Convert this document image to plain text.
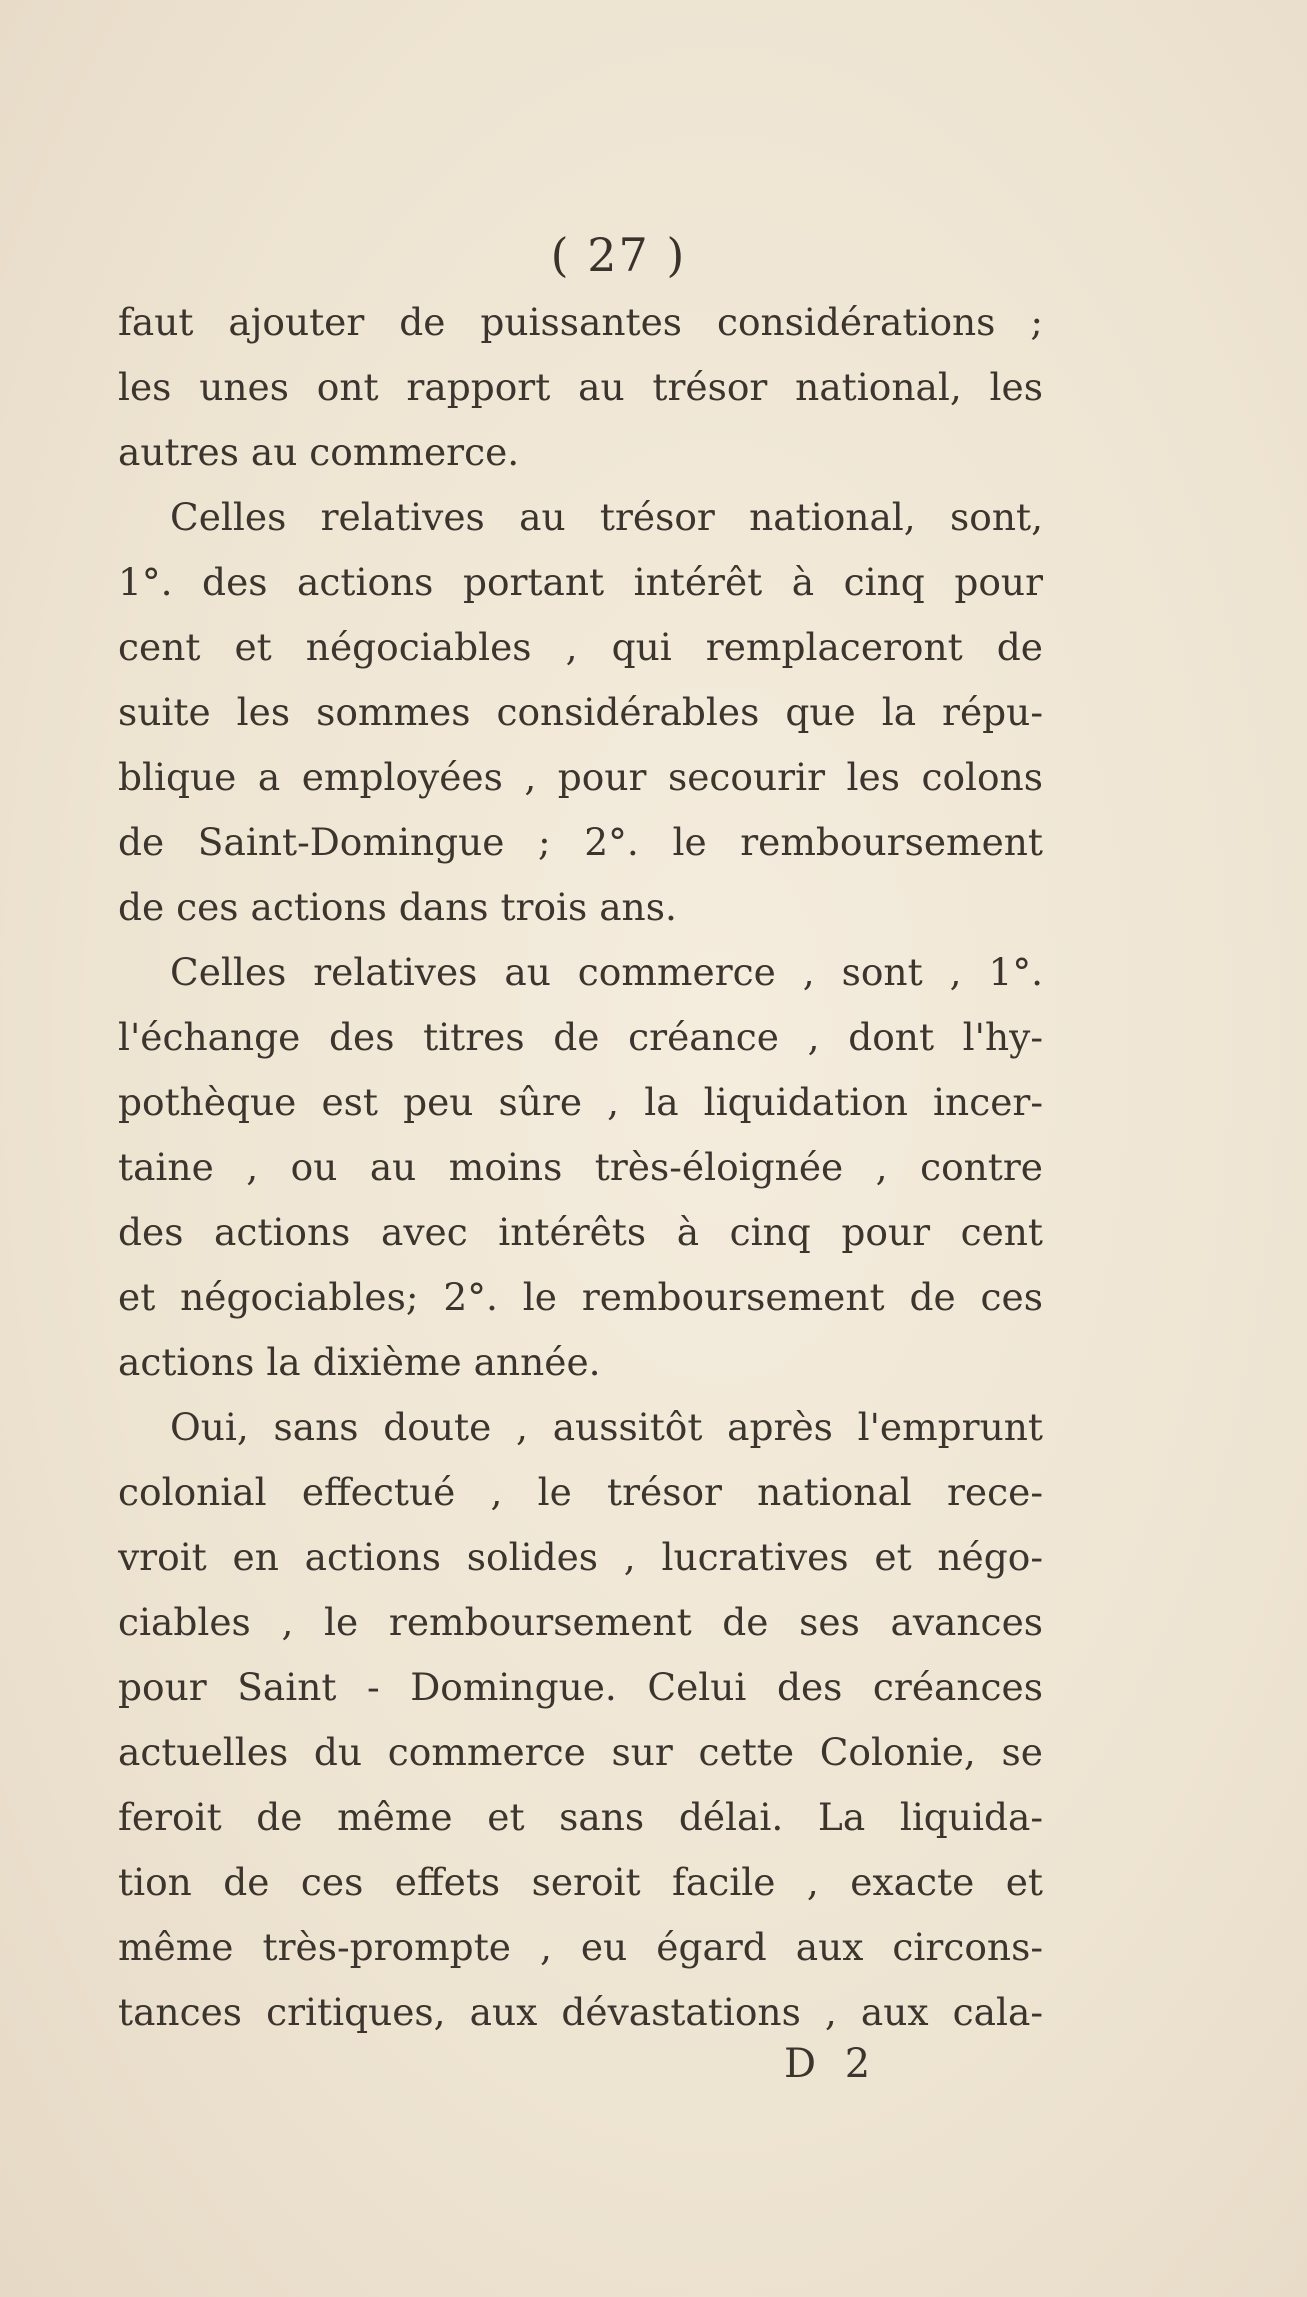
( 27 )
faut ajouter de puissantes considérations ;
les unes ont rapport au trésor national, les
autres au commerce.
Celles relatives au trésor national, sont,
1°. des actions portant intérêt à cinq pour
cent et négociables , qui remplaceront de
suite les sommes considérables que la répu-
blique a employées , pour secourir les colons
de Saint-Domingue ; 2°. le remboursement
de ces actions dans trois ans.
Celles relatives au commerce , sont , 1°.
l'échange des titres de créance , dont l'hy-
pothèque est peu sûre , la liquidation incer-
taine , ou au moins très-éloignée , contre
des actions avec intérêts à cinq pour cent
et négociables; 2°. le remboursement de ces
actions la dixième année.
Oui, sans doute , aussitôt après l'emprunt
colonial effectué , le trésor national rece-
vroit en actions solides , lucratives et négo-
ciables , le remboursement de ses avances
pour Saint - Domingue. Celui des créances
actuelles du commerce sur cette Colonie, se
feroit de même et sans délai. La liquida-
tion de ces effets seroit facile , exacte et
même très-prompte , eu égard aux circons-
tances critiques, aux dévastations , aux cala-
D 2
